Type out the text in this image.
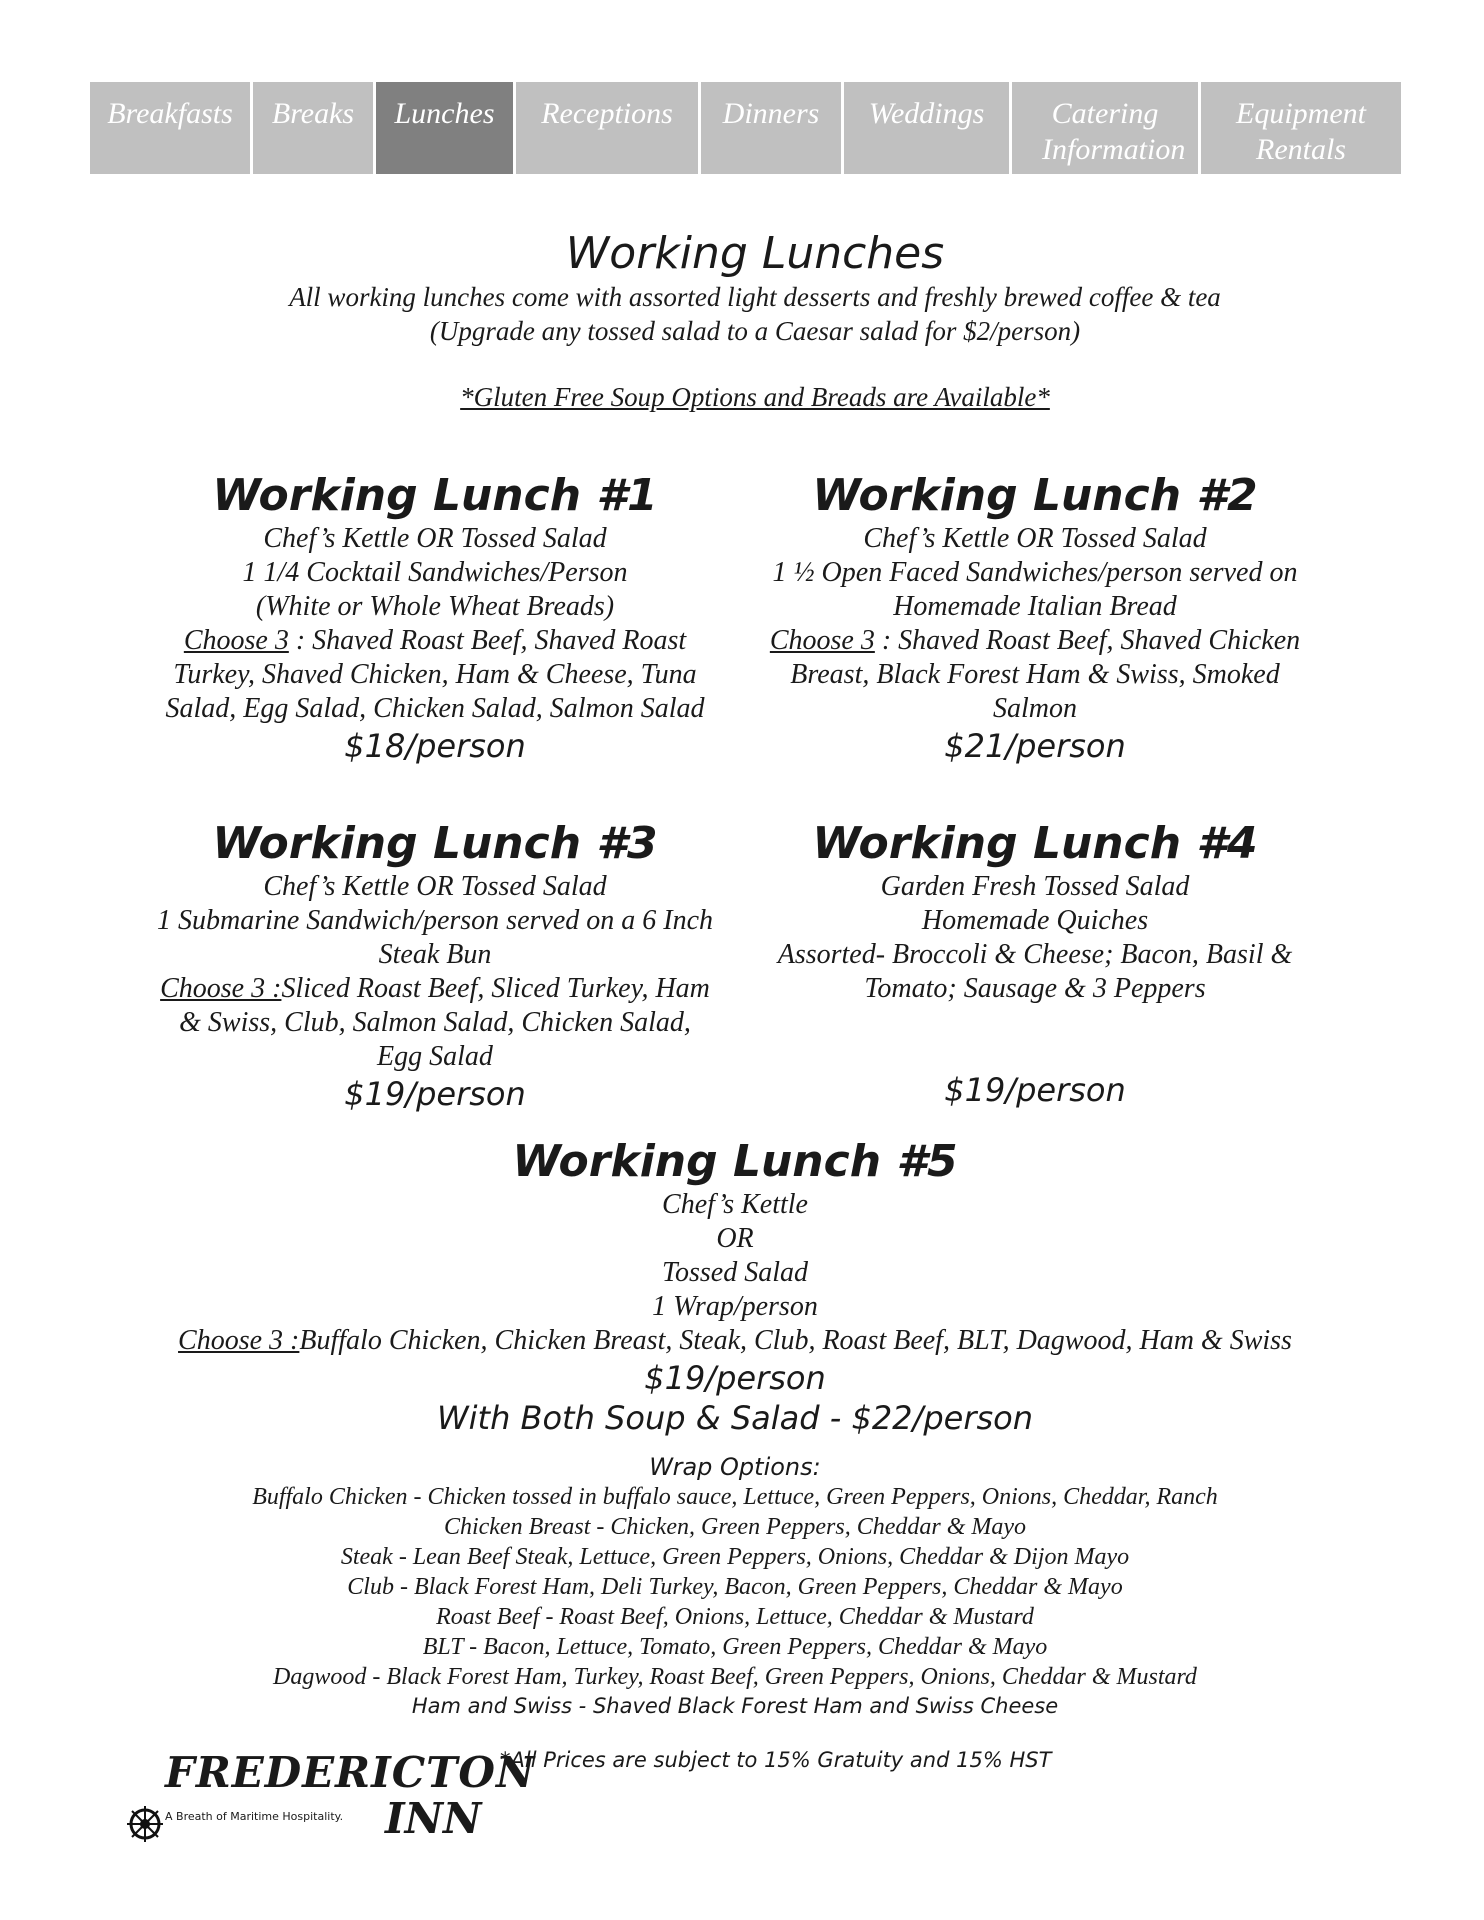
Breakfasts	Breaks	Lunches	Receptions	Dinners	Weddings	Catering Information
Equipment Rentals
Working Lunches
All working lunches come with assorted light desserts and freshly brewed coffee & tea
(Upgrade any tossed salad to a Caesar salad for $2/person)
*Gluten Free Soup Options and Breads are Available*
Working Lunch #1
Chef’s Kettle OR Tossed Salad
1 1/4 Cocktail Sandwiches/Person
(White or Whole Wheat Breads)
Choose 3 : Shaved Roast Beef, Shaved Roast
Turkey, Shaved Chicken, Ham & Cheese, Tuna
Salad, Egg Salad, Chicken Salad, Salmon Salad
$18/person
Working Lunch #2
Chef’s Kettle OR Tossed Salad
1 ½ Open Faced Sandwiches/person served on
Homemade Italian Bread
Choose 3 : Shaved Roast Beef, Shaved Chicken
Breast, Black Forest Ham & Swiss, Smoked
Salmon
$21/person
Working Lunch #3
Chef’s Kettle OR Tossed Salad
1 Submarine Sandwich/person served on a 6 Inch
Steak Bun
Choose 3 :Sliced Roast Beef, Sliced Turkey, Ham
& Swiss, Club, Salmon Salad, Chicken Salad,
Egg Salad
$19/person
Working Lunch #4
Garden Fresh Tossed Salad
Homemade Quiches
Assorted- Broccoli & Cheese; Bacon, Basil &
Tomato; Sausage & 3 Peppers
$19/person
Working Lunch #5
Chef’s Kettle
OR
Tossed Salad
1 Wrap/person
Choose 3 :Buffalo Chicken, Chicken Breast, Steak, Club, Roast Beef, BLT, Dagwood, Ham & Swiss
$19/person
With Both Soup & Salad - $22/person
Wrap Options:
Buffalo Chicken - Chicken tossed in buffalo sauce, Lettuce, Green Peppers, Onions, Cheddar, Ranch
Chicken Breast - Chicken, Green Peppers, Cheddar & Mayo
Steak - Lean Beef Steak, Lettuce, Green Peppers, Onions, Cheddar & Dijon Mayo
Club - Black Forest Ham, Deli Turkey, Bacon, Green Peppers, Cheddar & Mayo
Roast Beef - Roast Beef, Onions, Lettuce, Cheddar & Mustard
BLT - Bacon, Lettuce, Tomato, Green Peppers, Cheddar & Mayo
Dagwood - Black Forest Ham, Turkey, Roast Beef, Green Peppers, Onions, Cheddar & Mustard
Ham and Swiss - Shaved Black Forest Ham and Swiss Cheese
FREDERICTON
A Breath of Maritime Hospitality. INN
*All Prices are subject to 15% Gratuity and 15% HST
